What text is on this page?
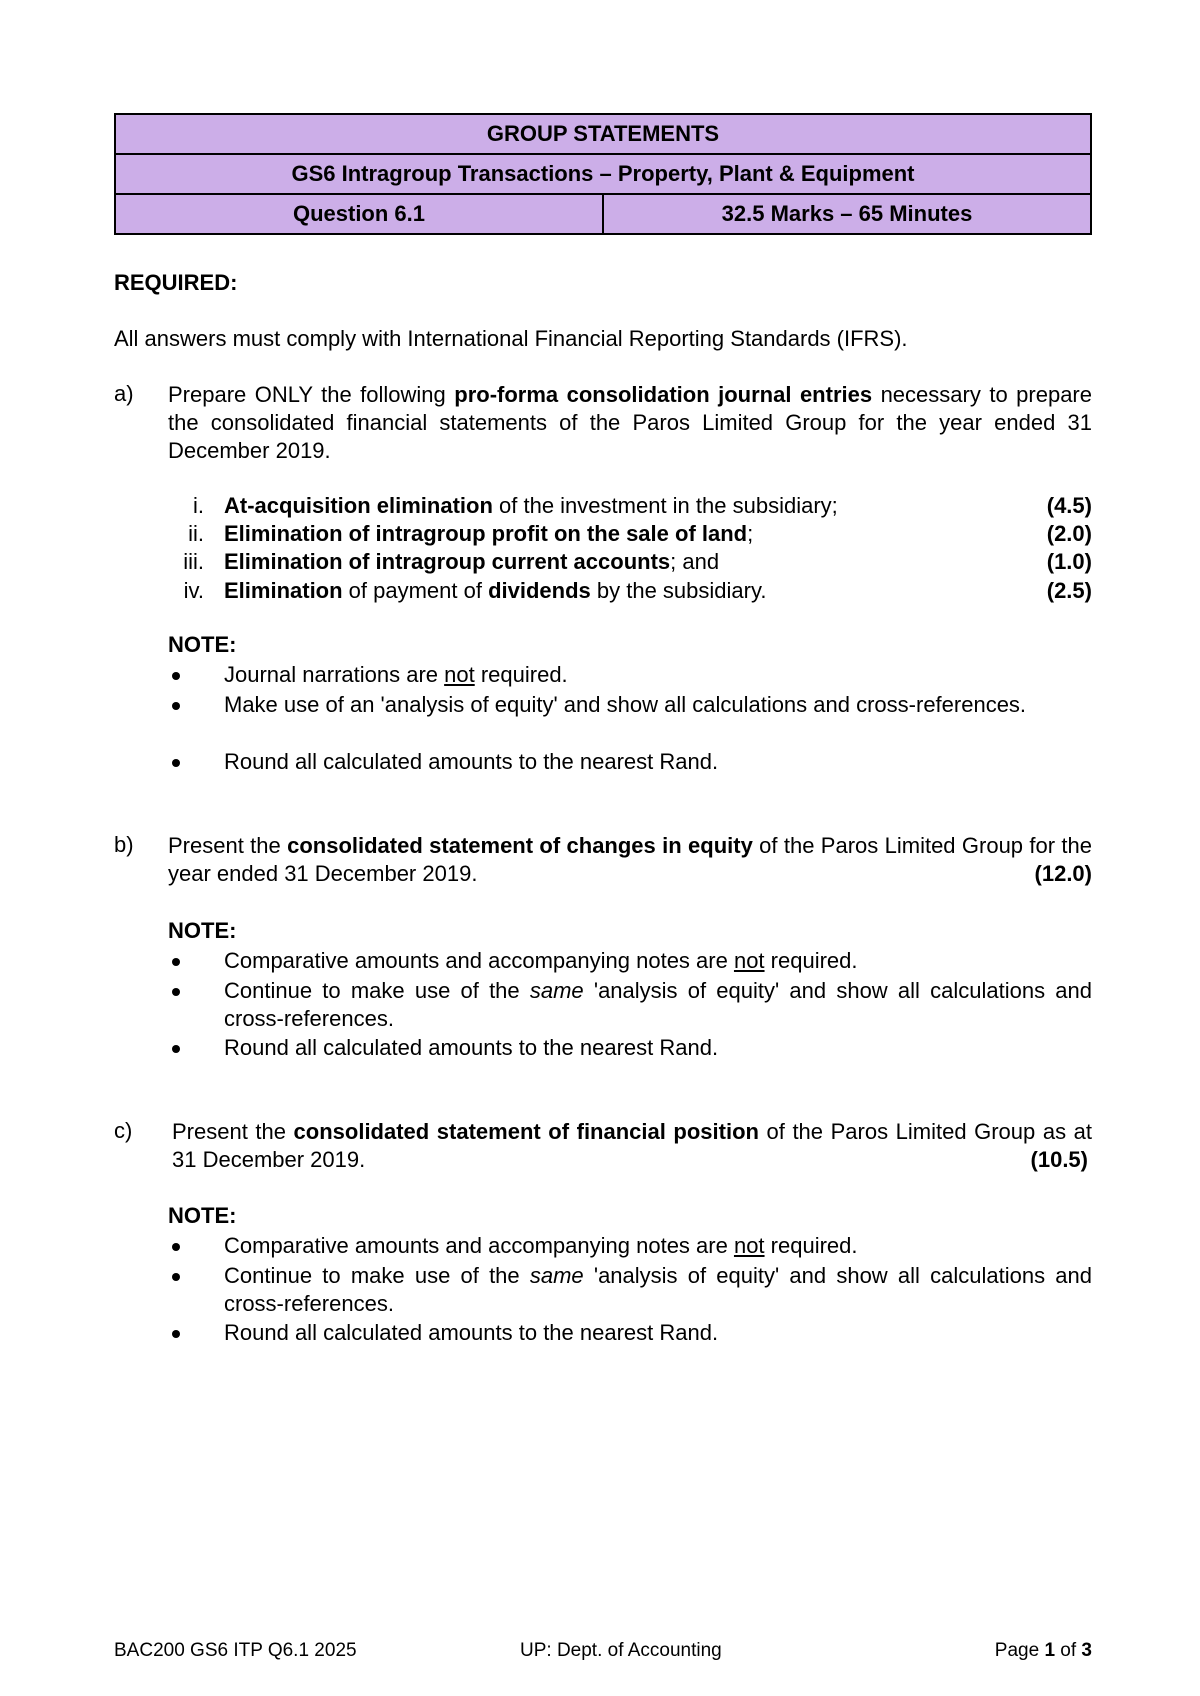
GROUP STATEMENTS
GS6 Intragroup Transactions – Property, Plant & Equipment
Question 6.1	32.5 Marks – 65 Minutes
REQUIRED:
All answers must comply with International Financial Reporting Standards (IFRS).
a) Prepare ONLY the following pro-forma consolidation journal entries necessary to prepare the consolidated financial statements of the Paros Limited Group for the year ended 31 December 2019.
i. At-acquisition elimination of the investment in the subsidiary;	(4.5)
ii. Elimination of intragroup profit on the sale of land;	(2.0)
iii. Elimination of intragroup current accounts; and	(1.0)
iv. Elimination of payment of dividends by the subsidiary.	(2.5)
NOTE:
Journal narrations are not required.
Make use of an 'analysis of equity' and show all calculations and cross-references.
Round all calculated amounts to the nearest Rand.
b) Present the consolidated statement of changes in equity of the Paros Limited Group for the year ended 31 December 2019.	(12.0)
NOTE:
Comparative amounts and accompanying notes are not required.
Continue to make use of the same 'analysis of equity' and show all calculations and cross-references.
Round all calculated amounts to the nearest Rand.
c) Present the consolidated statement of financial position of the Paros Limited Group as at 31 December 2019.	(10.5)
NOTE:
Comparative amounts and accompanying notes are not required.
Continue to make use of the same 'analysis of equity' and show all calculations and cross-references.
Round all calculated amounts to the nearest Rand.
BAC200 GS6 ITP Q6.1 2025	UP: Dept. of Accounting	Page 1 of 3
